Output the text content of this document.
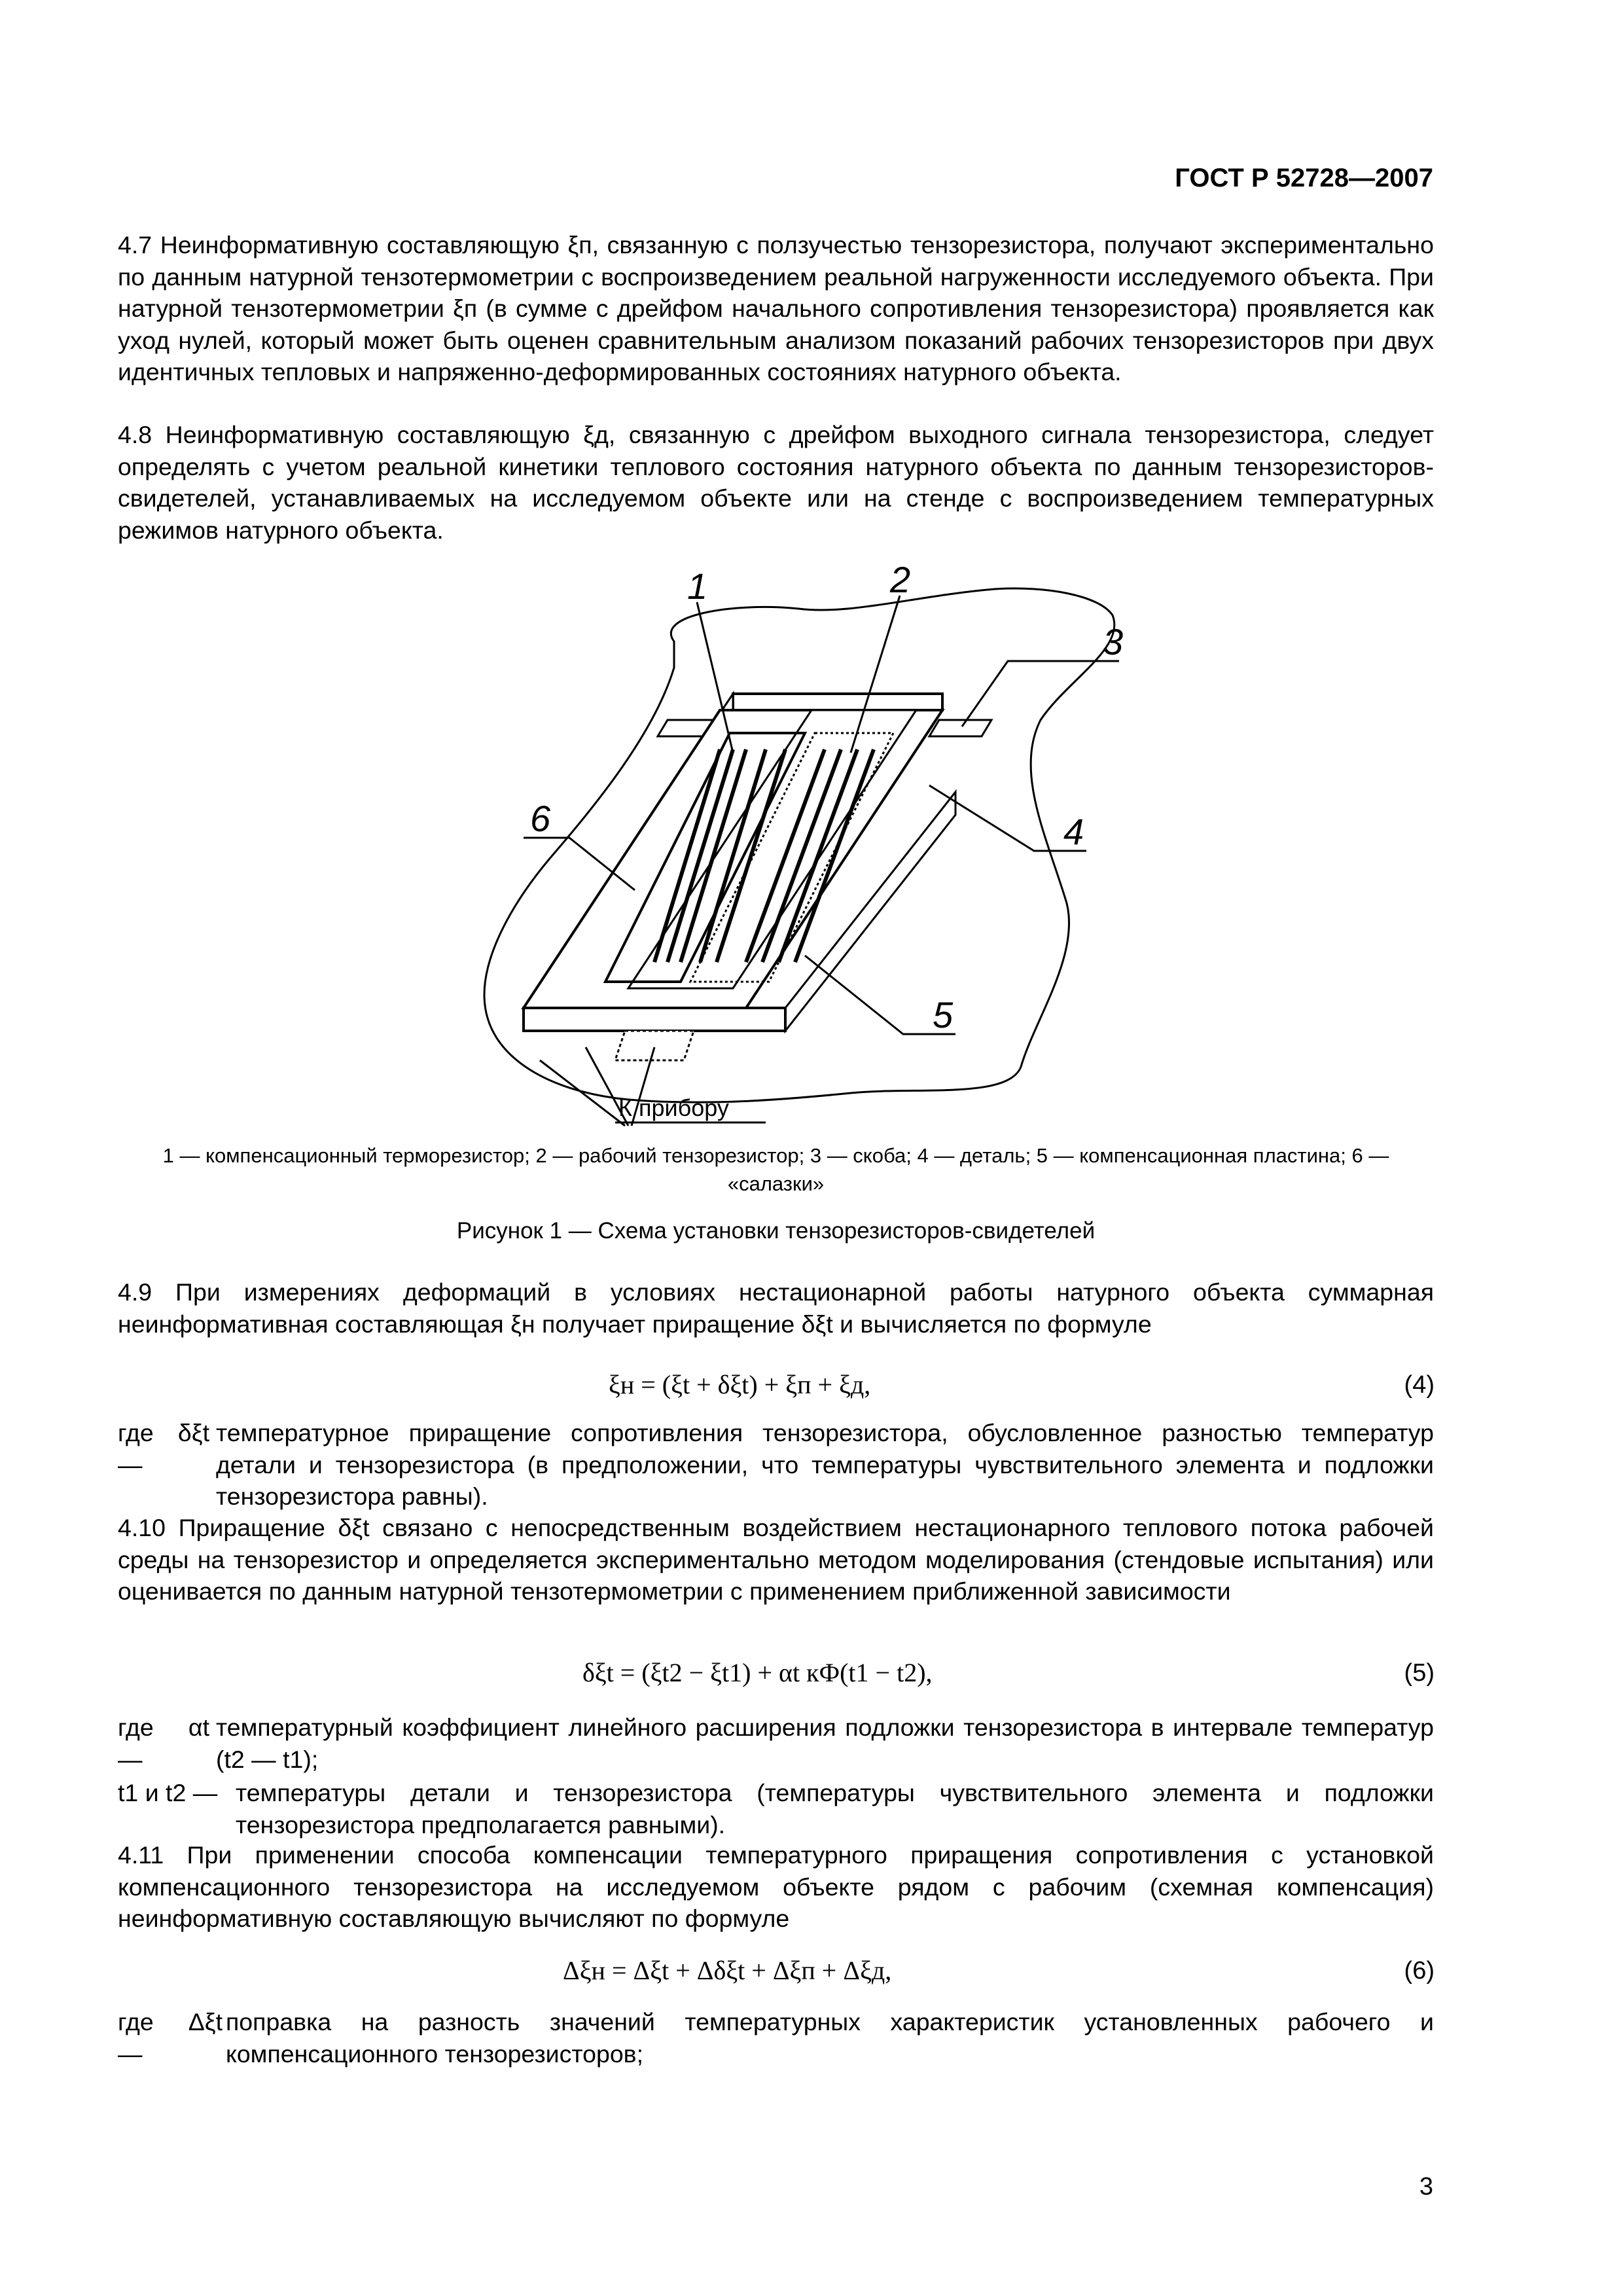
ГОСТ Р 52728—2007

4.7 Неинформативную составляющую ξп, связанную с ползучестью тензорезистора, получают экспериментально по данным натурной тензотермометрии с воспроизведением реальной нагруженности исследуемого объекта. При натурной тензотермометрии ξп (в сумме с дрейфом начального сопротивления тензорезистора) проявляется как уход нулей, который может быть оценен сравнительным анализом показаний рабочих тензорезисторов при двух идентичных тепловых и напряженно-деформированных состояниях натурного объекта.

4.8 Неинформативную составляющую ξд, связанную с дрейфом выходного сигнала тензорезистора, следует определять с учетом реальной кинетики теплового состояния натурного объекта по данным тензорезисторов-свидетелей, устанавливаемых на исследуемом объекте или на стенде с воспроизведением температурных режимов натурного объекта.

1	2
3
4
5
6
К прибору
1 — компенсационный терморезистор; 2 — рабочий тензорезистор; 3 — скоба; 4 — деталь; 5 — компенсационная пластина; 6 — «салазки»
Рисунок 1 — Схема установки тензорезисторов-свидетелей

4.9 При измерениях деформаций в условиях нестационарной работы натурного объекта суммарная неинформативная составляющая ξн получает приращение δξt и вычисляется по формуле

ξн = (ξt + δξt) + ξп + ξд,	(4)
где δξt —
температурное приращение сопротивления тензорезистора, обусловленное разностью температур детали и тензорезистора (в предположении, что температуры чувствительного элемента и подложки тензорезистора равны).

4.10 Приращение δξt связано с непосредственным воздействием нестационарного теплового потока рабочей среды на тензорезистор и определяется экспериментально методом моделирования (стендовые испытания) или оценивается по данным натурной тензотермометрии с применением приближенной зависимости

δξt = (ξt2 − ξt1) + αt кФ(t1 − t2),	(5)
где αt —
температурный коэффициент линейного расширения подложки тензорезистора в интервале температур (t2 — t1);
t1 и t2 — температуры детали и тензорезистора (температуры чувствительного элемента и подложки тензорезистора предполагается равными).

4.11 При применении способа компенсации температурного приращения сопротивления с установкой компенсационного тензорезистора на исследуемом объекте рядом с рабочим (схемная компенсация) неинформативную составляющую вычисляют по формуле

Δξн = Δξt + Δδξt + Δξп + Δξд,	(6)
где Δξt —
поправка на разность значений температурных характеристик установленных рабочего и компенсационного тензорезисторов;
3
